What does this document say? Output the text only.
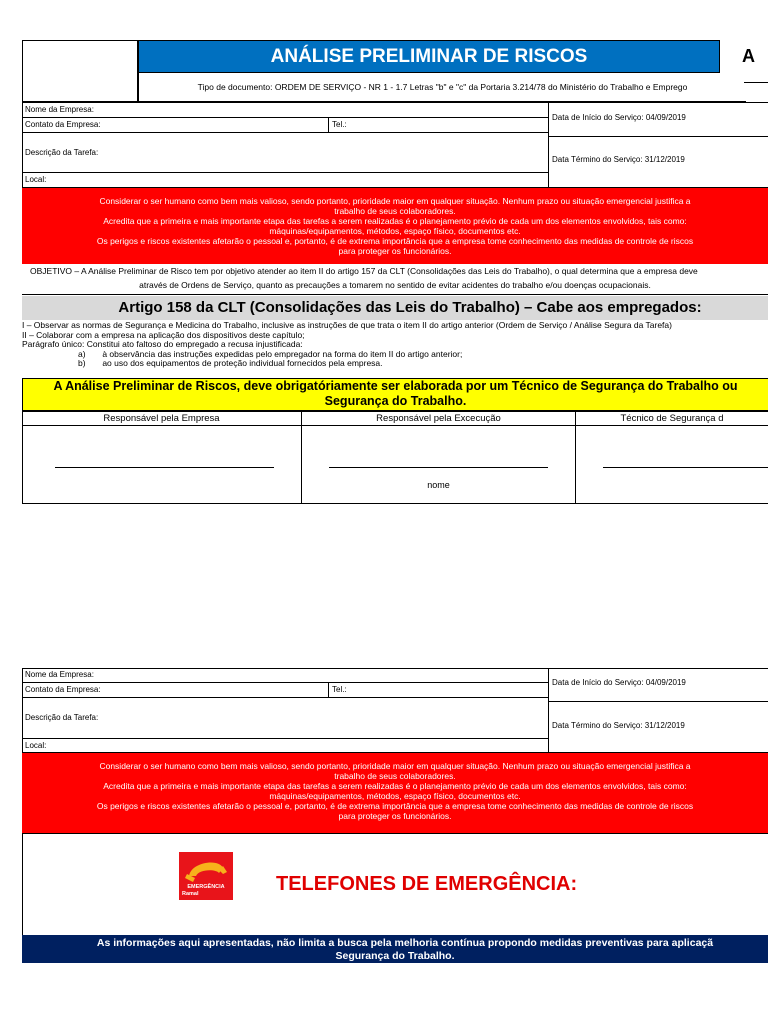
ANÁLISE PRELIMINAR DE RISCOS	A
Tipo de documento: ORDEM DE SERVIÇO - NR 1 - 1.7 Letras "b" e "c" da Portaria 3.214/78 do Ministério do Trabalho e Emprego
Nome da Empresa:
Contato da Empresa:	Tel.:
Descrição da Tarefa:
Local:
Data de Início do Serviço: 04/09/2019
Data Término do Serviço: 31/12/2019
Considerar o ser humano como bem mais valioso, sendo portanto, prioridade maior em qualquer situação. Nenhum prazo ou situação emergencial justifica a
trabalho de seus colaboradores.
Acredita que a primeira e mais importante etapa das tarefas a serem realizadas é o planejamento prévio de cada um dos elementos envolvidos, tais como:
máquinas/equipamentos, métodos, espaço físico, documentos etc.
Os perigos e riscos existentes afetarão o pessoal e, portanto, é de extrema importância que a empresa tome conhecimento das medidas de controle de riscos
para proteger os funcionários.
OBJETIVO – A Análise Preliminar de Risco tem por objetivo atender ao item II do artigo 157 da CLT (Consolidações das Leis do Trabalho), o qual determina que a empresa deve
através de Ordens de Serviço, quanto as precauções a tomarem no sentido de evitar acidentes do trabalho e/ou doenças ocupacionais.
Artigo 158 da CLT (Consolidações das Leis do Trabalho) – Cabe aos empregados:
I – Observar as normas de Segurança e Medicina do Trabalho, inclusive as instruções de que trata o item II do artigo anterior (Ordem de Serviço / Análise Segura da Tarefa)
II – Colaborar com a empresa na aplicação dos dispositivos deste capítulo;
Parágrafo único: Constitui ato faltoso do empregado a recusa injustificada:
a) à observância das instruções expedidas pelo empregador na forma do item II do artigo anterior;
b) ao uso dos equipamentos de proteção individual fornecidos pela empresa.
A Análise Preliminar de Riscos, deve obrigatóriamente ser elaborada por um Técnico de Segurança do Trabalho ou
Segurança do Trabalho.
Responsável pela Empresa	Responsável pela Excecução	Técnico de Segurança d
nome
Nome da Empresa:
Contato da Empresa:	Tel.:
Descrição da Tarefa:
Local:
Data de Início do Serviço: 04/09/2019
Data Término do Serviço: 31/12/2019
Considerar o ser humano como bem mais valioso, sendo portanto, prioridade maior em qualquer situação. Nenhum prazo ou situação emergencial justifica a
trabalho de seus colaboradores.
Acredita que a primeira e mais importante etapa das tarefas a serem realizadas é o planejamento prévio de cada um dos elementos envolvidos, tais como:
máquinas/equipamentos, métodos, espaço físico, documentos etc.
Os perigos e riscos existentes afetarão o pessoal e, portanto, é de extrema importância que a empresa tome conhecimento das medidas de controle de riscos
para proteger os funcionários.
EMERGÊNCIA
Ramal	TELEFONES DE EMERGÊNCIA:
As informações aqui apresentadas, não limita a busca pela melhoria contínua propondo medidas preventivas para aplicaçã
Segurança do Trabalho.
